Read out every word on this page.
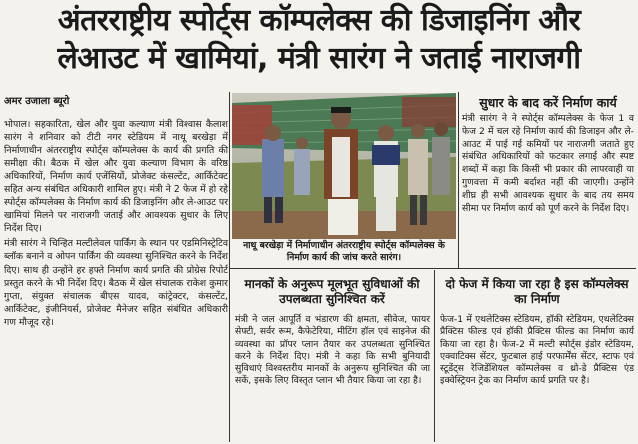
अंतरराष्ट्रीय स्पोर्ट्स कॉम्पलेक्स की डिजाइनिंग और
लेआउट में खामियां, मंत्री सारंग ने जताई नाराजगी
अमर उजाला ब्यूरो

भोपाल। सहकारिता, खेल और युवा कल्याण मंत्री विश्वास कैलाश सारंग ने शनिवार को टीटी नगर स्टेडियम में नाथू बरखेड़ा में निर्माणाधीन अंतरराष्ट्रीय स्पोर्ट्स कॉम्पलेक्स के कार्य की प्रगति की समीक्षा की। बैठक में खेल और युवा कल्याण विभाग के वरिष्ठ अधिकारियों, निर्माण कार्य एजेंसियों, प्रोजेक्ट कंसल्टेंट, आर्किटेक्ट सहित अन्य संबंधित अधिकारी शामिल हुए। मंत्री ने 2 फेज में हो रहे स्पोर्ट्स कॉम्पलेक्स के निर्माण कार्य की डिजाइनिंग और ले-आउट पर खामियां मिलने पर नाराजगी जताई और आवश्यक सुधार के लिए निर्देश दिए।

मंत्री सारंग ने चिन्हित मल्टीलेवल पार्किंग के स्थान पर एडमिनिस्ट्रेटिव ब्लॉक बनाने व ओपन पार्किंग की व्यवस्था सुनिश्चित करने के निर्देश दिए। साथ ही उन्होंने हर हफ्ते निर्माण कार्य प्रगति की प्रोग्रेस रिपोर्ट प्रस्तुत करने के भी निर्देश दिए। बैठक में खेल संचालक राकेश कुमार गुप्ता, संयुक्त संचालक बीएस यादव, कांट्रेक्टर, कंसल्टेंट, आर्किटेक्ट, इंजीनियर्स, प्रोजेक्ट मैनेजर सहित संबंधित अधिकारी गण मौजूद रहे।

नाथू बरखेड़ा में निर्माणाधीन अंतरराष्ट्रीय स्पोर्ट्स कॉम्पलेक्स के निर्माण कार्य की जांच करते सारंग।
सुधार के बाद करें निर्माण कार्य
मंत्री सारंग ने ने स्पोर्ट्स कॉम्पलेक्स के फेज 1 व फेज 2 में चल रहे निर्माण कार्य की डिजाइन और ले-आउट में पाई गई कमियों पर नाराजगी जताते हुए संबंधित अधिकारियों को फटकार लगाई और स्पष्ट शब्दों में कहा कि किसी भी प्रकार की लापरवाही या गुणवत्ता में कमी बर्दाश्त नहीं की जाएगी। उन्होंने शीघ्र ही सभी आवश्यक सुधार के बाद तय समय सीमा पर निर्माण कार्य को पूर्ण करने के निर्देश दिए।
मानकों के अनुरूप मूलभूत सुविधाओं की उपलब्धता सुनिश्चित करें
मंत्री ने जल आपूर्ति व भंडारण की क्षमता, सीवेज, फायर सेफ्टी, सर्वर रूम, कैफेटेरिया, मीटिंग हॉल एवं साइनेज की व्यवस्था का प्रॉपर प्लान तैयार कर उपलब्धता सुनिश्चित करने के निर्देश दिए। मंत्री ने कहा कि सभी बुनियादी सुविधाएं विश्वस्तरीय मानकों के अनुरूप सुनिश्चित की जा सकें, इसके लिए विस्तृत प्लान भी तैयार किया जा रहा है।
दो फेज में किया जा रहा है इस कॉम्पलेक्स का निर्माण
फेज-1 में एथलेटिक्स स्टेडियम, हॉकी स्टेडियम, एथलेटिक्स प्रैक्टिस फील्ड एवं हॉकी प्रैक्टिस फील्ड का निर्माण कार्य किया जा रहा है। फेज-2 में मल्टी स्पोर्ट्स इंडोर स्टेडियम, एक्वाटिक्स सेंटर, फुटबाल हाई परफार्मेंस सेंटर, स्टाफ एवं स्टूडेंट्स रेजिडेंशियल कॉम्पलेक्स व थ्रो-डे प्रैक्टिस एंड इक्वेस्ट्रियन ट्रेक का निर्माण कार्य प्रगति पर है।
